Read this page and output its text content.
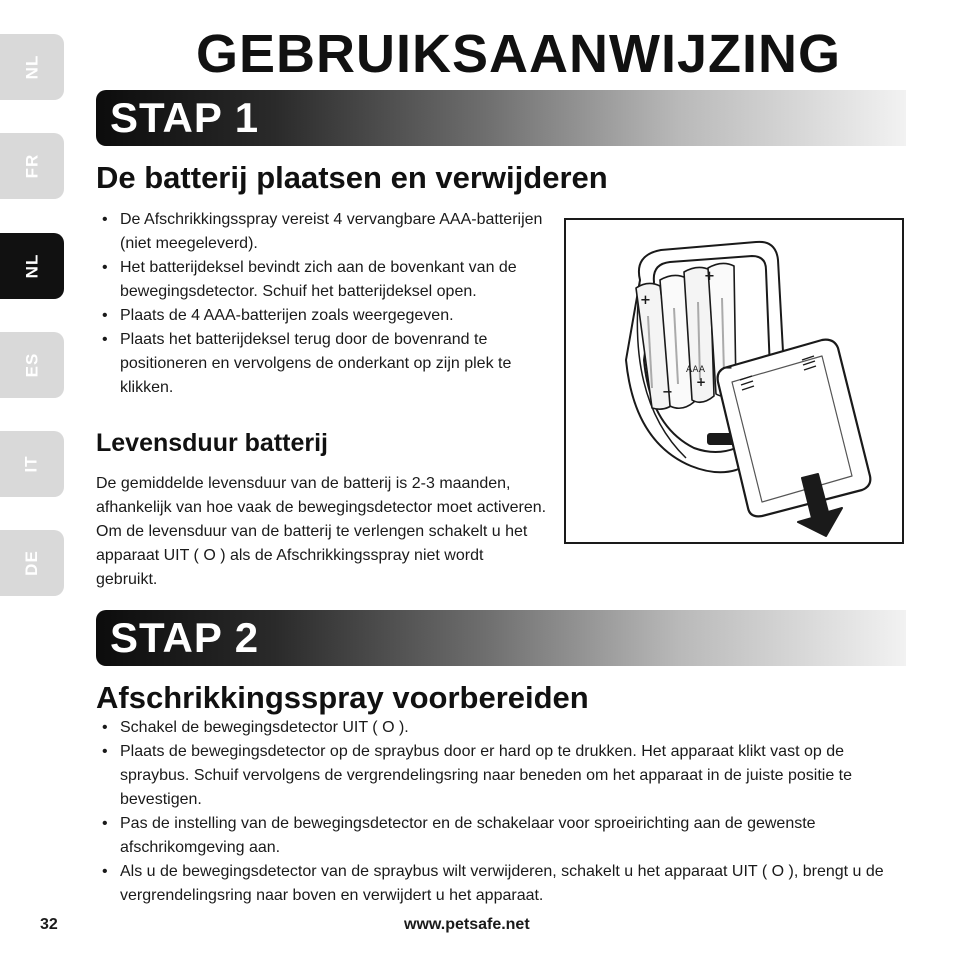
NL
FR
NL
ES
IT
DE
GEBRUIKSAANWIJZING
STAP 1
De batterij plaatsen en verwijderen
• De Afschrikkingsspray vereist 4 vervangbare AAA-batterijen (niet meegeleverd).
• Het batterijdeksel bevindt zich aan de bovenkant van de bewegingsdetector. Schuif het batterijdeksel open.
• Plaats de 4 AAA-batterijen zoals weergegeven.
• Plaats het batterijdeksel terug door de bovenrand te positioneren en vervolgens de onderkant op zijn plek te klikken.
Levensduur batterij

De gemiddelde levensduur van de batterij is 2-3 maanden, afhankelijk van hoe vaak de bewegingsdetector moet activeren. Om de levensduur van de batterij te verlengen schakelt u het apparaat UIT ( O ) als de Afschrikkingsspray niet wordt gebruikt.

+
+
−
AAA
+
−
STAP 2
Afschrikkingsspray voorbereiden
• Schakel de bewegingsdetector UIT ( O ).
• Plaats de bewegingsdetector op de spraybus door er hard op te drukken. Het apparaat klikt vast op de spraybus. Schuif vervolgens de vergrendelingsring naar beneden om het apparaat in de juiste positie te bevestigen.
• Pas de instelling van de bewegingsdetector en de schakelaar voor sproeirichting aan de gewenste afschrikomgeving aan.
• Als u de bewegingsdetector van de spraybus wilt verwijderen, schakelt u het apparaat UIT ( O ), brengt u de vergrendelingsring naar boven en verwijdert u het apparaat.
32	www.petsafe.net
